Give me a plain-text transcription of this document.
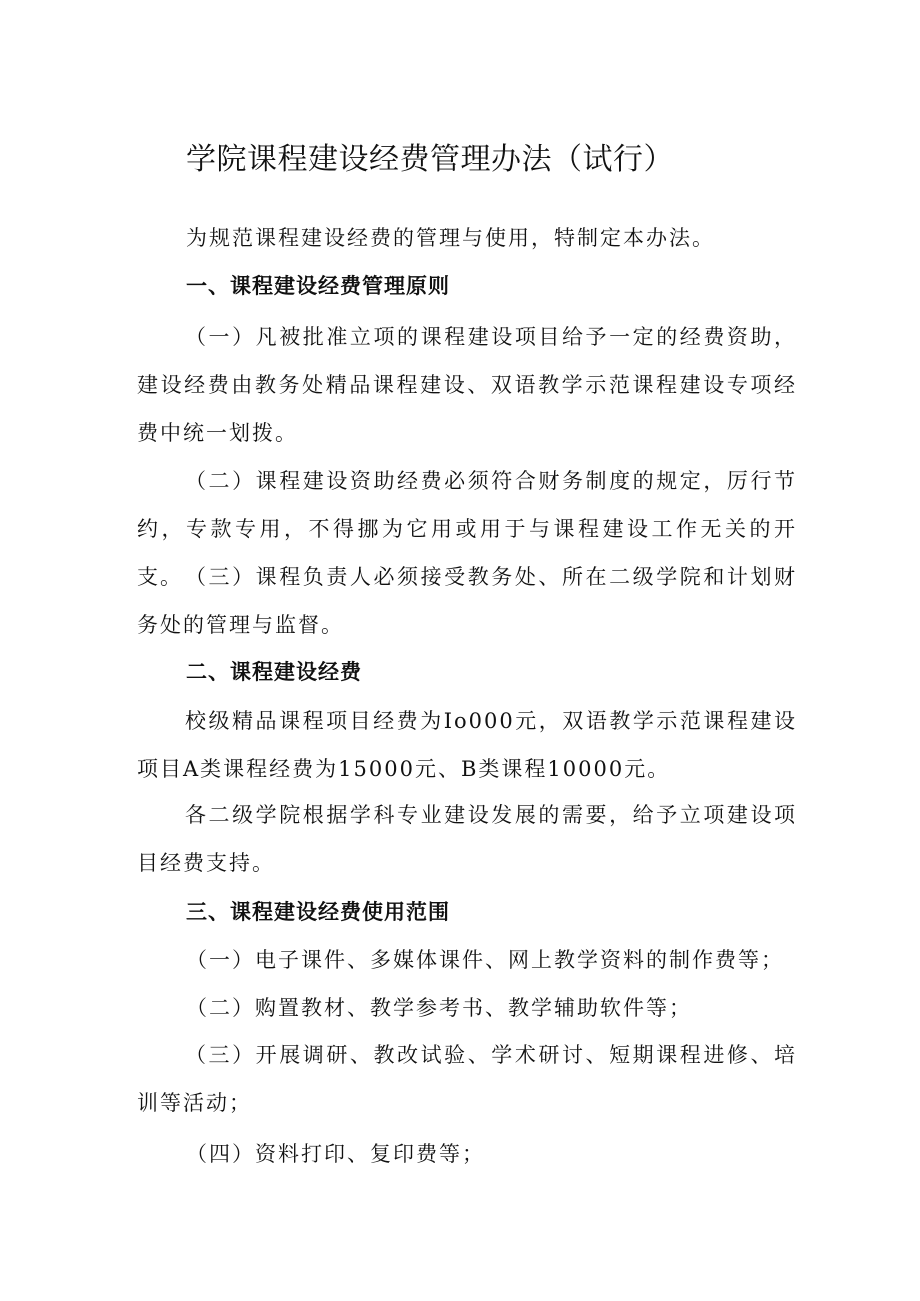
学院课程建设经费管理办法（试行）
为规范课程建设经费的管理与使用，特制定本办法。
一、课程建设经费管理原则
（一）凡被批准立项的课程建设项目给予一定的经费资助，建设经费由教务处精品课程建设、双语教学示范课程建设专项经费中统一划拨。
（二）课程建设资助经费必须符合财务制度的规定，厉行节约，专款专用，不得挪为它用或用于与课程建设工作无关的开支。 （三）课程负责人必须接受教务处、所在二级学院和计划财务处的管理与监督。
二、课程建设经费
校级精品课程项目经费为Io000元，双语教学示范课程建设项目A类课程经费为15000元、B类课程10000元。
各二级学院根据学科专业建设发展的需要，给予立项建设项目经费支持。
三、课程建设经费使用范围
（一）电子课件、多媒体课件、网上教学资料的制作费等；
（二）购置教材、教学参考书、教学辅助软件等；
（三）开展调研、教改试验、学术研讨、短期课程进修、培训等活动；
（四）资料打印、复印费等；
